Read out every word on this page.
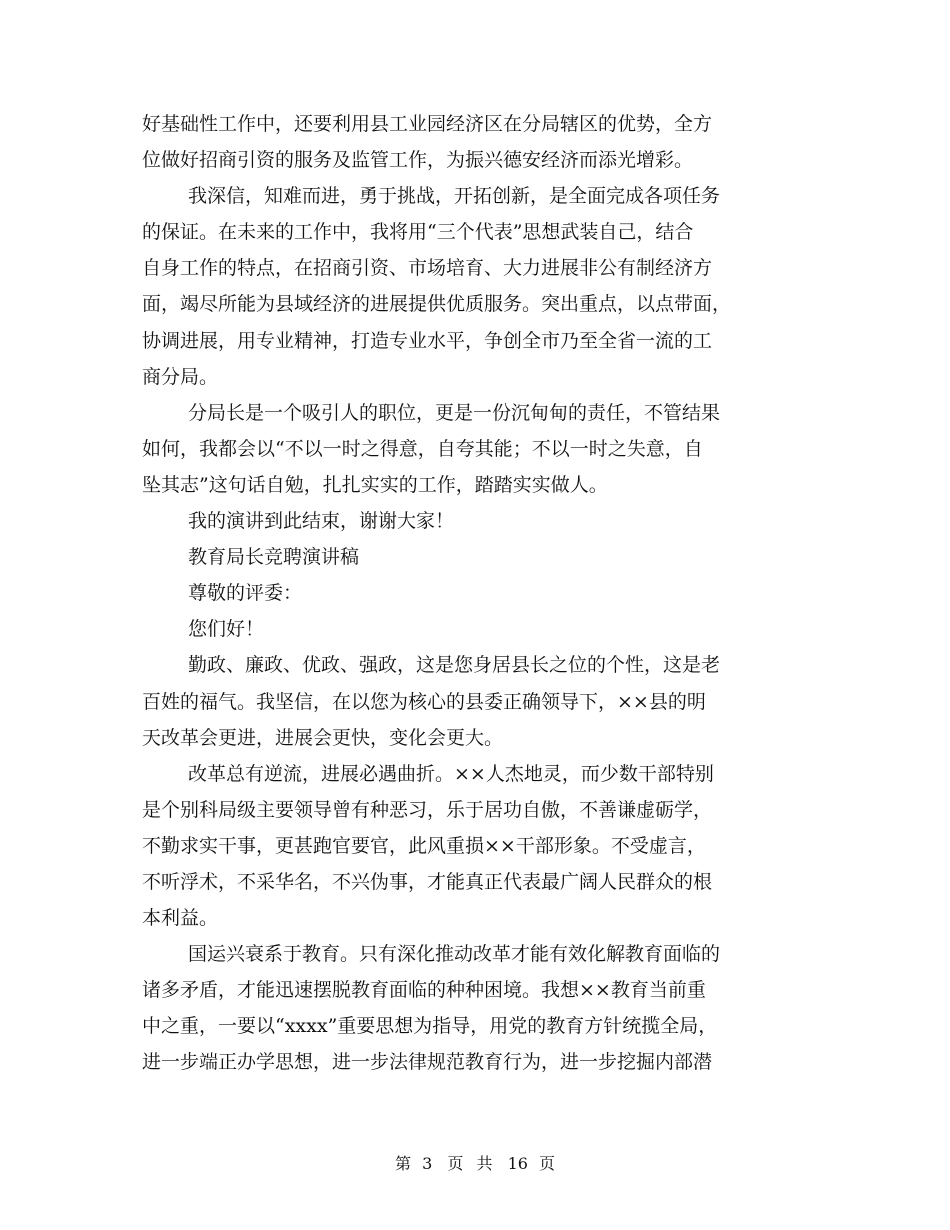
好基础性工作中，还要利用县工业园经济区在分局辖区的优势，全方
位做好招商引资的服务及监管工作，为振兴德安经济而添光增彩。
我深信，知难而进，勇于挑战，开拓创新，是全面完成各项任务
的保证。在未来的工作中，我将用“三个代表”思想武装自己，结合
自身工作的特点，在招商引资、市场培育、大力进展非公有制经济方
面，竭尽所能为县域经济的进展提供优质服务。突出重点，以点带面，
协调进展，用专业精神，打造专业水平，争创全市乃至全省一流的工
商分局。
分局长是一个吸引人的职位，更是一份沉甸甸的责任，不管结果
如何，我都会以“不以一时之得意，自夸其能；不以一时之失意，自
坠其志”这句话自勉，扎扎实实的工作，踏踏实实做人。
我的演讲到此结束，谢谢大家！
教育局长竞聘演讲稿
尊敬的评委：
您们好！
勤政、廉政、优政、强政，这是您身居县长之位的个性，这是老
百姓的福气。我坚信，在以您为核心的县委正确领导下，××县的明
天改革会更进，进展会更快，变化会更大。
改革总有逆流，进展必遇曲折。××人杰地灵，而少数干部特别
是个别科局级主要领导曾有种恶习，乐于居功自傲，不善谦虚砺学，
不勤求实干事，更甚跑官要官，此风重损××干部形象。不受虚言，
不听浮术，不采华名，不兴伪事，才能真正代表最广阔人民群众的根
本利益。
国运兴衰系于教育。只有深化推动改革才能有效化解教育面临的
诸多矛盾，才能迅速摆脱教育面临的种种困境。我想××教育当前重
中之重，一要以“xxxx”重要思想为指导，用党的教育方针统揽全局，
进一步端正办学思想，进一步法律规范教育行为，进一步挖掘内部潜
第 3 页 共 16 页
